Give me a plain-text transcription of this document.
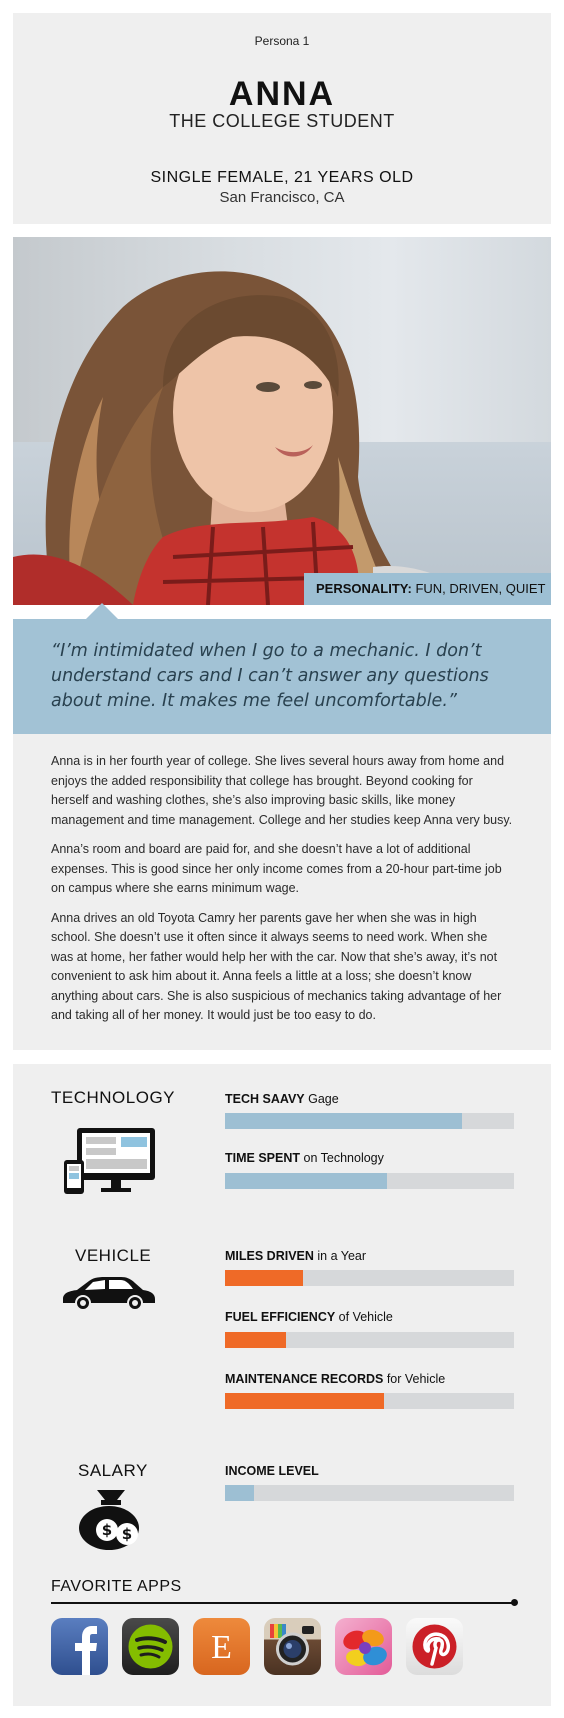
Persona 1
ANNA
THE COLLEGE STUDENT
SINGLE FEMALE, 21 YEARS OLD
San Francisco, CA
PERSONALITY: FUN, DRIVEN, QUIET

“I’m intimidated when I go to a mechanic. I don’t understand cars and I can’t answer any questions about mine. It makes me feel uncomfortable.”

Anna is in her fourth year of college. She lives several hours away from home and enjoys the added responsibility that college has brought. Beyond cooking for herself and washing clothes, she’s also improving basic skills, like money management and time management. College and her studies keep Anna very busy.

Anna’s room and board are paid for, and she doesn’t have a lot of additional expenses. This is good since her only income comes from a 20-hour part-time job on campus where she earns minimum wage.

Anna drives an old Toyota Camry her parents gave her when she was in high school. She doesn’t use it often since it always seems to need work. When she was at home, her father would help her with the car. Now that she’s away, it’s not convenient to ask him about it. Anna feels a little at a loss; she doesn’t know anything about cars. She is also suspicious of mechanics taking advantage of her and taking all of her money. It would just be too easy to do.

TECHNOLOGY	TECH SAAVY Gage
TIME SPENT on Technology
VEHICLE	MILES DRIVEN in a Year
FUEL EFFICIENCY of Vehicle
MAINTENANCE RECORDS for Vehicle
SALARY
$ $
INCOME LEVEL
FAVORITE APPS
E
